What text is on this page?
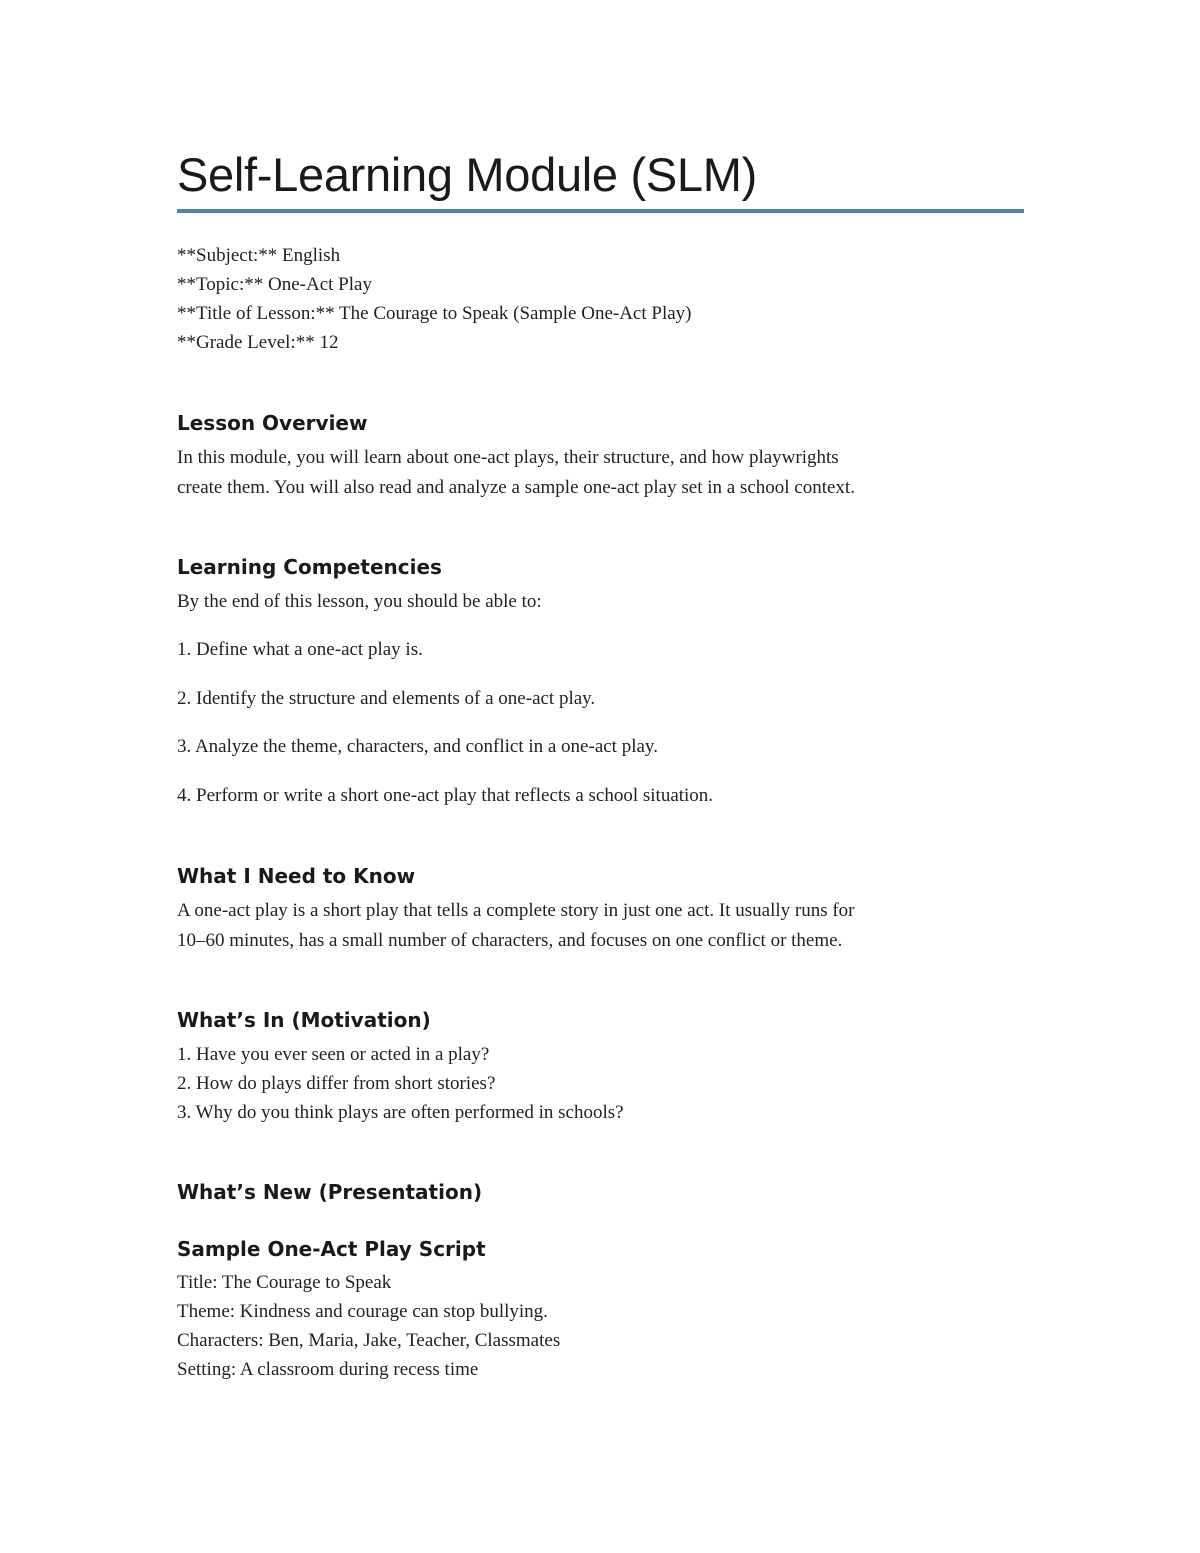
Self-Learning Module (SLM)
**Subject:** English
**Topic:** One-Act Play
**Title of Lesson:** The Courage to Speak (Sample One-Act Play)
**Grade Level:** 12
Lesson Overview
In this module, you will learn about one-act plays, their structure, and how playwrights
create them. You will also read and analyze a sample one-act play set in a school context.
Learning Competencies
By the end of this lesson, you should be able to:
1. Define what a one-act play is.
2. Identify the structure and elements of a one-act play.
3. Analyze the theme, characters, and conflict in a one-act play.
4. Perform or write a short one-act play that reflects a school situation.
What I Need to Know
A one-act play is a short play that tells a complete story in just one act. It usually runs for
10–60 minutes, has a small number of characters, and focuses on one conflict or theme.
What’s In (Motivation)
1. Have you ever seen or acted in a play?
2. How do plays differ from short stories?
3. Why do you think plays are often performed in schools?
What’s New (Presentation)
Sample One-Act Play Script
Title: The Courage to Speak
Theme: Kindness and courage can stop bullying.
Characters: Ben, Maria, Jake, Teacher, Classmates
Setting: A classroom during recess time
